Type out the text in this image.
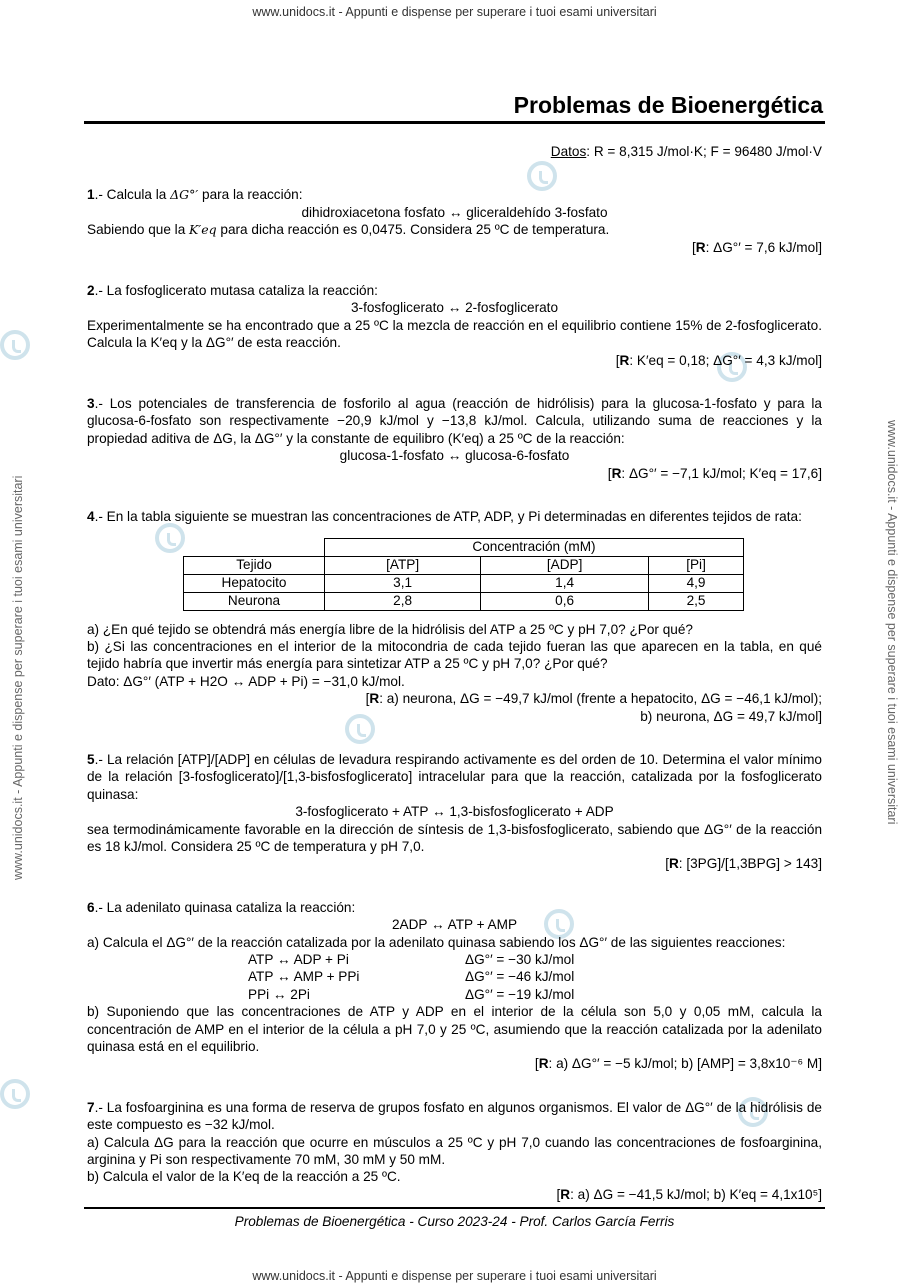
www.unidocs.it - Appunti e dispense per superare i tuoi esami universitari
www.unidocs.it - Appunti e dispense per superare i tuoi esami universitari
www.unidocs.it - Appunti e dispense per superare i tuoi esami universitari	www.unidocs.it - Appunti e dispense per superare i tuoi esami universitari
Problemas de Bioenergética

Datos: R = 8,315 J/mol·K; F = 96480 J/mol·V

1.- Calcula la ΔG°′ para la reacción:

dihidroxiacetona fosfato ↔ gliceraldehído 3-fosfato

Sabiendo que la K′eq para dicha reacción es 0,0475. Considera 25 ºC de temperatura.

[R: ΔG°′ = 7,6 kJ/mol]

2.- La fosfoglicerato mutasa cataliza la reacción:

3-fosfoglicerato ↔ 2-fosfoglicerato

Experimentalmente se ha encontrado que a 25 ºC la mezcla de reacción en el equilibrio contiene 15% de 2-fosfoglicerato. Calcula la K′eq y la ΔG°′ de esta reacción.

[R: K′eq = 0,18; ΔG°′ = 4,3 kJ/mol]

3.- Los potenciales de transferencia de fosforilo al agua (reacción de hidrólisis) para la glucosa-1-fosfato y para la glucosa-6-fosfato son respectivamente −20,9 kJ/mol y −13,8 kJ/mol. Calcula, utilizando suma de reacciones y la propiedad aditiva de ΔG, la ΔG°′ y la constante de equilibro (K′eq) a 25 ºC de la reacción:

glucosa-1-fosfato ↔ glucosa-6-fosfato

[R: ΔG°′ = −7,1 kJ/mol; K′eq = 17,6]

4.- En la tabla siguiente se muestran las concentraciones de ATP, ADP, y Pi determinadas en diferentes tejidos de rata:

	Concentración (mM)		
Tejido	[ATP]	[ADP]	[Pi]
Hepatocito	3,1	1,4	4,9
Neurona	2,8	0,6	2,5

a) ¿En qué tejido se obtendrá más energía libre de la hidrólisis del ATP a 25 ºC y pH 7,0? ¿Por qué?

b) ¿Si las concentraciones en el interior de la mitocondria de cada tejido fueran las que aparecen en la tabla, en qué tejido habría que invertir más energía para sintetizar ATP a 25 ºC y pH 7,0? ¿Por qué?

Dato: ΔG°′ (ATP + H2O ↔ ADP + Pi) = −31,0 kJ/mol.

[R: a) neurona, ΔG = −49,7 kJ/mol (frente a hepatocito, ΔG = −46,1 kJ/mol);

b) neurona, ΔG = 49,7 kJ/mol]

5.- La relación [ATP]/[ADP] en células de levadura respirando activamente es del orden de 10. Determina el valor mínimo de la relación [3-fosfoglicerato]/[1,3-bisfosfoglicerato] intracelular para que la reacción, catalizada por la fosfoglicerato quinasa:

3-fosfoglicerato + ATP ↔ 1,3-bisfosfoglicerato + ADP

sea termodinámicamente favorable en la dirección de síntesis de 1,3-bisfosfoglicerato, sabiendo que ΔG°′ de la reacción es 18 kJ/mol. Considera 25 ºC de temperatura y pH 7,0.

[R: [3PG]/[1,3BPG] > 143]

6.- La adenilato quinasa cataliza la reacción:

2ADP ↔ ATP + AMP

a) Calcula el ΔG°′ de la reacción catalizada por la adenilato quinasa sabiendo los ΔG°′ de las siguientes reacciones:

ATP ↔ ADP + Pi	ΔG°′ = −30 kJ/mol
ATP ↔ AMP + PPi	ΔG°′ = −46 kJ/mol
PPi ↔ 2Pi	ΔG°′ = −19 kJ/mol

b) Suponiendo que las concentraciones de ATP y ADP en el interior de la célula son 5,0 y 0,05 mM, calcula la concentración de AMP en el interior de la célula a pH 7,0 y 25 ºC, asumiendo que la reacción catalizada por la adenilato quinasa está en el equilibrio.

[R: a) ΔG°′ = −5 kJ/mol; b) [AMP] = 3,8x10⁻⁶ M]

7.- La fosfoarginina es una forma de reserva de grupos fosfato en algunos organismos. El valor de ΔG°′ de la hidrólisis de este compuesto es −32 kJ/mol.

a) Calcula ΔG para la reacción que ocurre en músculos a 25 ºC y pH 7,0 cuando las concentraciones de fosfoarginina, arginina y Pi son respectivamente 70 mM, 30 mM y 50 mM.

b) Calcula el valor de la K′eq de la reacción a 25 ºC.

[R: a) ΔG = −41,5 kJ/mol; b) K′eq = 4,1x10⁵]

Problemas de Bioenergética - Curso 2023-24 - Prof. Carlos García Ferris
